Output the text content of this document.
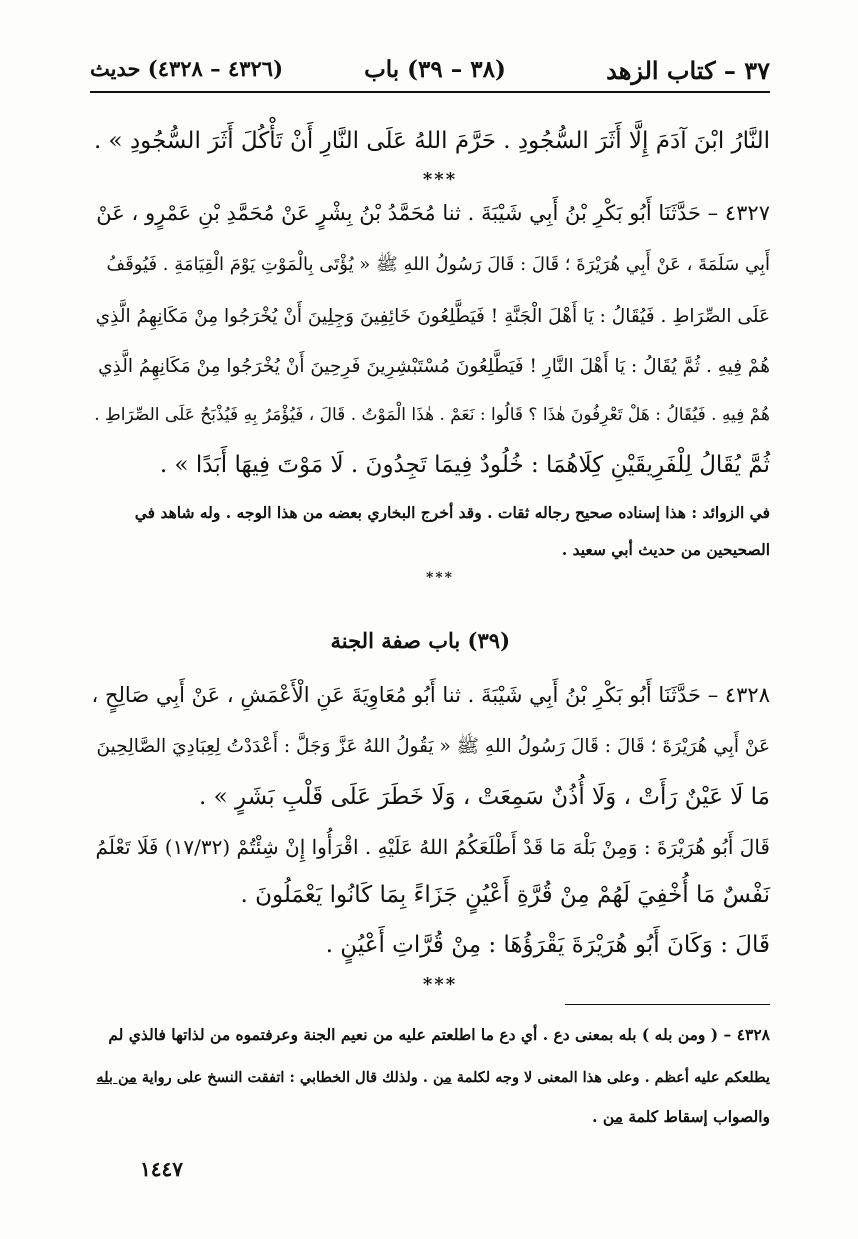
٣٧ – كتاب الزهد
(٣٨ – ٣٩) باب
(٤٣٢٦ – ٤٣٢٨) حديث
النَّارُ ابْنَ آدَمَ إِلَّا أَثَرَ السُّجُودِ . حَرَّمَ اللهُ عَلَى النَّارِ أَنْ تَأْكُلَ أَثَرَ السُّجُودِ » .
***
٤٣٢٧ – حَدَّثَنَا أَبُو بَكْرِ بْنُ أَبِي شَيْبَةَ . ثنا مُحَمَّدُ بْنُ بِشْرٍ عَنْ مُحَمَّدِ بْنِ عَمْرٍو ، عَنْ
أَبِي سَلَمَةَ ، عَنْ أَبِي هُرَيْرَةَ ؛ قَالَ : قَالَ رَسُولُ اللهِ ﷺ « يُؤْتَى بِالْمَوْتِ يَوْمَ الْقِيَامَةِ . فَيُوقَفُ
عَلَى الصِّرَاطِ . فَيُقَالُ : يَا أَهْلَ الْجَنَّةِ ! فَيَطَّلِعُونَ خَائِفِينَ وَجِلِينَ أَنْ يُخْرَجُوا مِنْ مَكَانِهِمُ الَّذِي
هُمْ فِيهِ . ثُمَّ يُقَالُ : يَا أَهْلَ النَّارِ ! فَيَطَّلِعُونَ مُسْتَبْشِرِينَ فَرِحِينَ أَنْ يُخْرَجُوا مِنْ مَكَانِهِمُ الَّذِي
هُمْ فِيهِ . فَيُقَالُ : هَلْ تَعْرِفُونَ هٰذَا ؟ قَالُوا : نَعَمْ . هٰذَا الْمَوْتُ . قَالَ ، فَيُؤْمَرُ بِهِ فَيُذْبَحُ عَلَى الصِّرَاطِ .
ثُمَّ يُقَالُ لِلْفَرِيقَيْنِ كِلَاهُمَا : خُلُودٌ فِيمَا تَجِدُونَ . لَا مَوْتَ فِيهَا أَبَدًا » .
في الزوائد : هذا إسناده صحيح رجاله ثقات . وقد أخرج البخاري بعضه من هذا الوجه . وله شاهد في
الصحيحين من حديث أبي سعيد .
***
(٣٩) باب صفة الجنة
٤٣٢٨ – حَدَّثَنَا أَبُو بَكْرِ بْنُ أَبِي شَيْبَةَ . ثنا أَبُو مُعَاوِيَةَ عَنِ الْأَعْمَشِ ، عَنْ أَبِي صَالِحٍ ،
عَنْ أَبِي هُرَيْرَةَ ؛ قَالَ : قَالَ رَسُولُ اللهِ ﷺ « يَقُولُ اللهُ عَزَّ وَجَلَّ : أَعْدَدْتُ لِعِبَادِيَ الصَّالِحِينَ
مَا لَا عَيْنٌ رَأَتْ ، وَلَا أُذُنٌ سَمِعَتْ ، وَلَا خَطَرَ عَلَى قَلْبِ بَشَرٍ » .
قَالَ أَبُو هُرَيْرَةَ : وَمِنْ بَلْهَ مَا قَدْ أَطْلَعَكُمُ اللهُ عَلَيْهِ . اقْرَأُوا إِنْ شِئْتُمْ (١٧/٣٢) فَلَا تَعْلَمُ
نَفْسٌ مَا أُخْفِيَ لَهُمْ مِنْ قُرَّةِ أَعْيُنٍ جَزَاءً بِمَا كَانُوا يَعْمَلُونَ .
قَالَ : وَكَانَ أَبُو هُرَيْرَةَ يَقْرَؤُهَا : مِنْ قُرَّاتِ أَعْيُنٍ .
***
٤٣٢٨ – ( ومن بله ) بله بمعنى دع . أي دع ما اطلعتم عليه من نعيم الجنة وعرفتموه من لذاتها فالذي لم
يطلعكم عليه أعظم . وعلى هذا المعنى لا وجه لكلمة من . ولذلك قال الخطابي : اتفقت النسخ على رواية من بله
والصواب إسقاط كلمة من .
١٤٤٧
